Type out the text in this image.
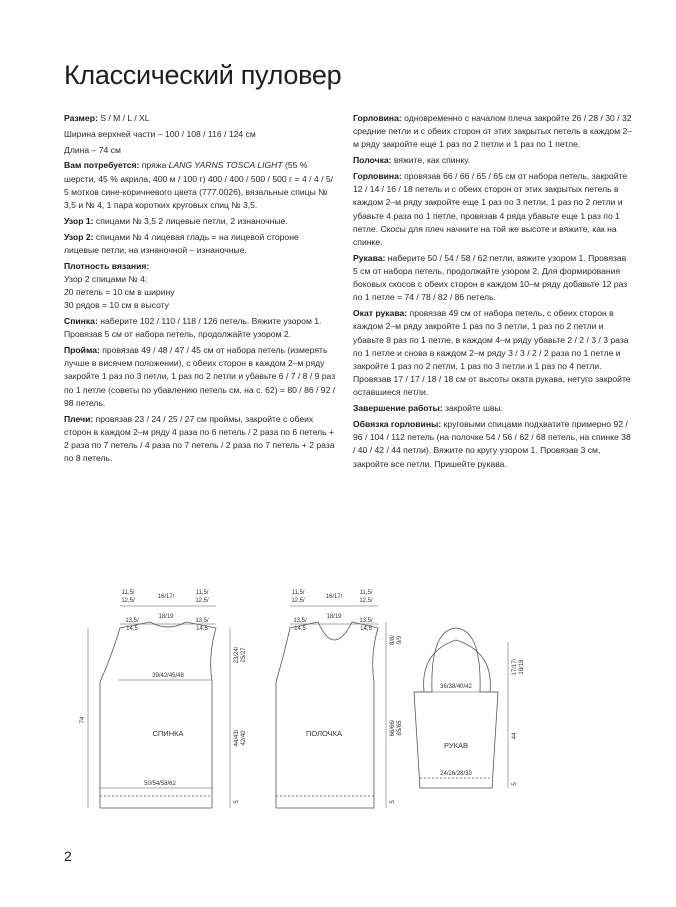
Классический пуловер

Размер: S / M / L / XL

Ширина верхней части – 100 / 108 / 116 / 124 см

Длина – 74 см

Вам потребуется: пряжа LANG YARNS TOSCA LIGHT (55 % шерсти, 45 % акрила, 400 м / 100 г) 400 / 400 / 500 / 500 г = 4 / 4 / 5/ 5 мотков сине-коричневого цвета (777.0026), вязальные спицы № 3,5 и № 4, 1 пара коротких круговых спиц № 3,5.

Узор 1: спицами № 3,5 2 лицевые петли, 2 изнаночные.

Узор 2: спицами № 4 лицевая гладь = на лицевой стороне лицевые петли, на изнаночной – изнаночные.

Плотность вязания:

Узор 2 спицами № 4:

20 петель = 10 см в ширину

30 рядов = 10 см в высоту

Спинка: наберите 102 / 110 / 118 / 126 петель. Вяжите узором 1. Провязав 5 см от набора петель, продолжайте узором 2.

Пройма: провязав 49 / 48 / 47 / 45 см от набора петель (измерять лучше в висячем положении), с обеих сторон в каждом 2–м ряду закройте 1 раз по 3 петли, 1 раз по 2 петли и убавьте 6 / 7 / 8 / 9 раз по 1 петле (советы по убавлению петель см. на с. 62) = 80 / 86 / 92 / 98 петель.

Плечи: провязав 23 / 24 / 25 / 27 см проймы, закройте с обеих сторон в каждом 2–м ряду 4 раза по 6 петель / 2 раза по 6 петель + 2 раза по 7 петель / 4 раза по 7 петель / 2 раза по 7 петель + 2 раза по 8 петель.

Горловина: одновременно с началом плеча закройте 26 / 28 / 30 / 32 средние петли и с обеих сторон от этих закрытых петель в каждом 2–м ряду закройте еще 1 раз по 2 петли и 1 раз по 1 петле.

Полочка: вяжите, как спинку.

Горловина: провязав 66 / 66 / 65 / 65 см от набора петель, закройте 12 / 14 / 16 / 18 петель и с обеих сторон от этих закрытых петель в каждом 2–м ряду закройте еще 1 раз по 3 петли, 1 раз по 2 петли и убавьте 4 раза по 1 петле, провязав 4 ряда убавьте еще 1 раз по 1 петле. Скосы для плеч начните на той же высоте и вяжите, как на спинке.

Рукава: наберите 50 / 54 / 58 / 62 петли, вяжите узором 1. Провязав 5 см от набора петель, продолжайте узором 2. Для формирования боковых скосов с обеих сторон в каждом 10–м ряду добавьте 12 раз по 1 петле = 74 / 78 / 82 / 86 петель.

Окат рукава: провязав 49 см от набора петель, с обеих сторон в каждом 2–м ряду закройте 1 раз по 3 петли, 1 раз по 2 петли и убавьте 8 раз по 1 петле, в каждом 4–м ряду убавьте 2 / 2 / 3 / 3 раза по 1 петле и снова в каждом 2–м ряду 3 / 3 / 2 / 2 раза по 1 петле и закройте 1 раз по 2 петли, 1 раз по 3 петли и 1 раз по 4 петли. Провязав 17 / 17 / 18 / 18 см от высоты оката рукава, нетуго закройте оставшиеся петли.

Завершение работы: закройте швы.

Обвязка горловины: круговыми спицами подхватите примерно 92 / 96 / 104 / 112 петель (на полочке 54 / 56 / 62 / 68 петель, на спинке 38 / 40 / 42 / 44 петли). Вяжите по кругу узором 1. Провязав 3 см, закройте все петли. Пришейте рукава.

11,5/
12,5/
16/17/
18/19
11,5/
12,5/
13,5/
14,5
13,5/
14,5
39/42/45/48
50/54/58/62
74
23/24/ 25/27
44/43/ 42/40
5
СПИНКА
11,5/
12,5/
16/17/
18/19
11,5/
12,5/
13,5/
14,5
13,5/
14,5
8/8/ 9/9
66/66/ 65/65
5
ПОЛОЧКА
36/38/40/42
24/26/28/30
17/17/ 18/18
44
5
РУКАВ
2
